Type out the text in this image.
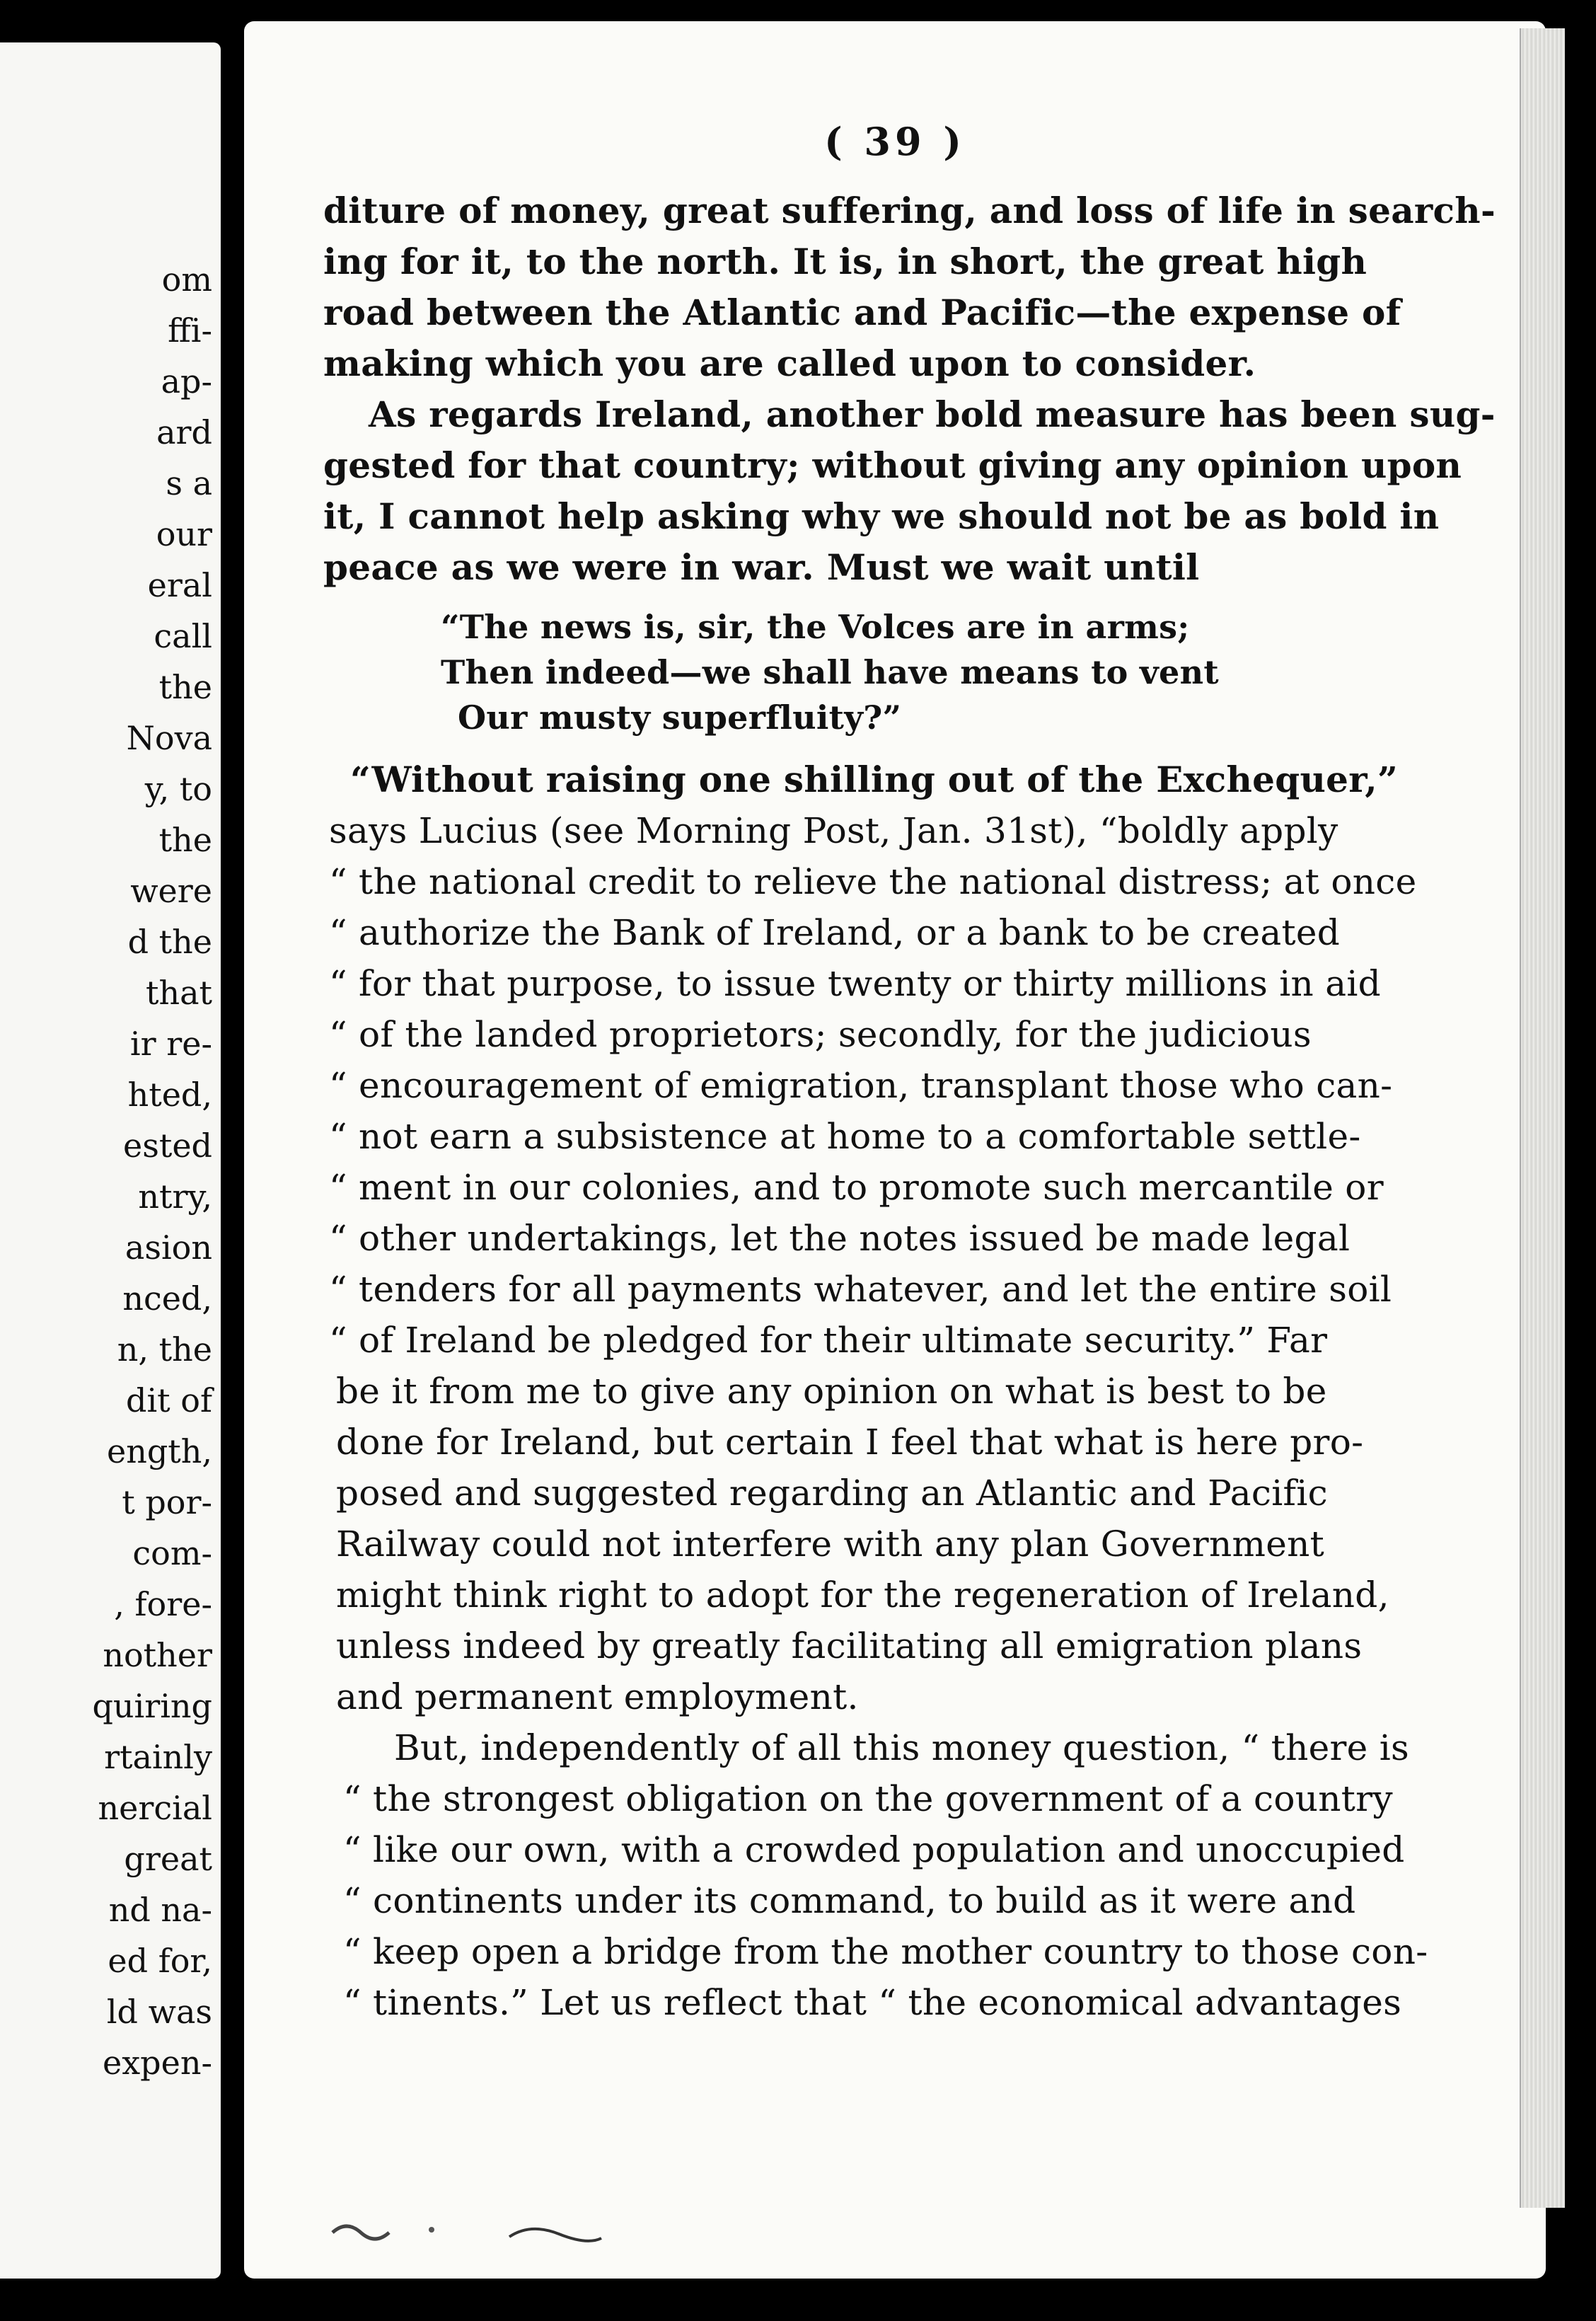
om
ffi-
ap-
ard
s a
our
eral
call
the
Nova
y, to
the
were
d the
that
ir re-
hted,
ested
ntry,
asion
nced,
n, the
dit of
ength,
t por-
com-
, fore-
nother
quiring
rtainly
nercial
great
nd na-
ed for,
ld was
expen-
( 39 )
diture of money, great suffering, and loss of life in search-
ing for it, to the north. It is, in short, the great high
road between the Atlantic and Pacific—the expense of
making which you are called upon to consider.
As regards Ireland, another bold measure has been sug-
gested for that country; without giving any opinion upon
it, I cannot help asking why we should not be as bold in
peace as we were in war. Must we wait until
“The news is, sir, the Volces are in arms;
Then indeed—we shall have means to vent
Our musty superfluity?”
“Without raising one shilling out of the Exchequer,”
says Lucius (see Morning Post, Jan. 31st), “boldly apply
“ the national credit to relieve the national distress; at once
“ authorize the Bank of Ireland, or a bank to be created
“ for that purpose, to issue twenty or thirty millions in aid
“ of the landed proprietors; secondly, for the judicious
“ encouragement of emigration, transplant those who can-
“ not earn a subsistence at home to a comfortable settle-
“ ment in our colonies, and to promote such mercantile or
“ other undertakings, let the notes issued be made legal
“ tenders for all payments whatever, and let the entire soil
“ of Ireland be pledged for their ultimate security.” Far
be it from me to give any opinion on what is best to be
done for Ireland, but certain I feel that what is here pro-
posed and suggested regarding an Atlantic and Pacific
Railway could not interfere with any plan Government
might think right to adopt for the regeneration of Ireland,
unless indeed by greatly facilitating all emigration plans
and permanent employment.
But, independently of all this money question, “ there is
“ the strongest obligation on the government of a country
“ like our own, with a crowded population and unoccupied
“ continents under its command, to build as it were and
“ keep open a bridge from the mother country to those con-
“ tinents.” Let us reflect that “ the economical advantages
